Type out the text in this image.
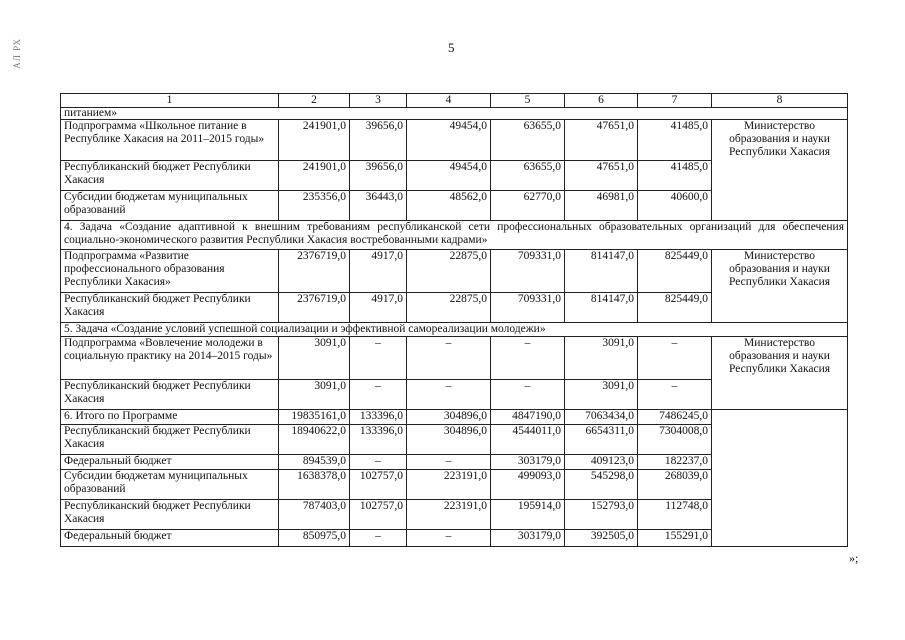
АЛ РХ	5
1	2	3	4	5	6	7	8
питанием»							
Подпрограмма «Школьное питание в Республике Хакасия на 2011–2015 годы»	241901,0	39656,0	49454,0	63655,0	47651,0	41485,0	Министерство образования и науки Республики Хакасия
Республиканский бюджет Республики Хакасия	241901,0	39656,0	49454,0	63655,0	47651,0	41485,0	
Субсидии бюджетам муниципальных образований	235356,0	36443,0	48562,0	62770,0	46981,0	40600,0	
4. Задача «Создание адаптивной к внешним требованиям республиканской сети профессиональных образовательных организаций для обеспечения социально-экономического развития Республики Хакасия востребованными кадрами»							
Подпрограмма «Развитие профессионального образования Республики Хакасия»	2376719,0	4917,0	22875,0	709331,0	814147,0	825449,0	Министерство образования и науки Республики Хакасия
Республиканский бюджет Республики Хакасия	2376719,0	4917,0	22875,0	709331,0	814147,0	825449,0	
5. Задача «Создание условий успешной социализации и эффективной самореализации молодежи»							
Подпрограмма «Вовлечение молодежи в социальную практику на 2014–2015 годы»	3091,0	–	–	–	3091,0	–	Министерство образования и науки Республики Хакасия
Республиканский бюджет Республики Хакасия	3091,0	–	–	–	3091,0	–	
6. Итого по Программе	19835161,0	133396,0	304896,0	4847190,0	7063434,0	7486245,0	
Республиканский бюджет Республики Хакасия	18940622,0	133396,0	304896,0	4544011,0	6654311,0	7304008,0	
Федеральный бюджет	894539,0	–	–	303179,0	409123,0	182237,0	
Субсидии бюджетам муниципальных образований	1638378,0	102757,0	223191,0	499093,0	545298,0	268039,0	
Республиканский бюджет Республики Хакасия	787403,0	102757,0	223191,0	195914,0	152793,0	112748,0	
Федеральный бюджет	850975,0	–	–	303179,0	392505,0	155291,0	
»;
